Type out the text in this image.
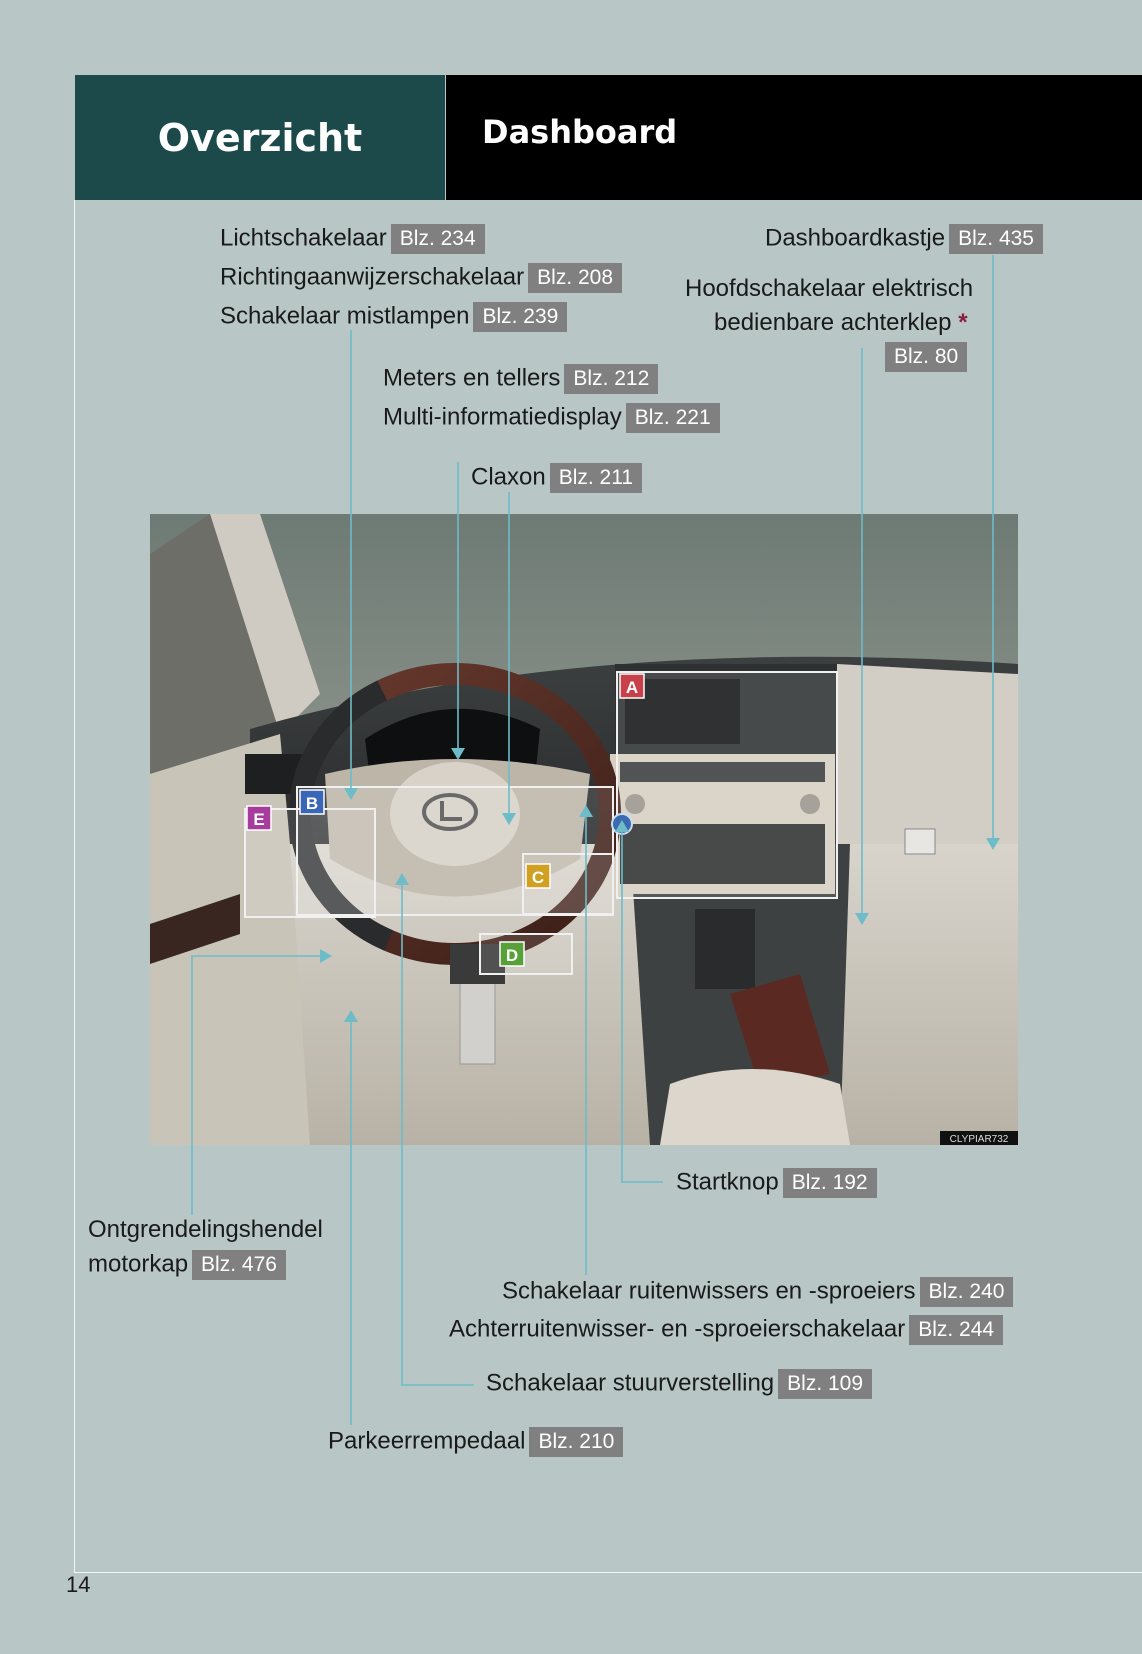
Overzicht	Dashboard
Lichtschakelaar Blz. 234
Richtingaanwijzerschakelaar Blz. 208
Schakelaar mistlampen Blz. 239
Meters en tellers Blz. 212
Multi-informatiedisplay Blz. 221
Claxon Blz. 211
Dashboardkastje Blz. 435
Hoofdschakelaar elektrisch
bedienbare achterklep *
Blz. 80
A
B
C
D
E
CLYPIAR732
Startknop Blz. 192
Ontgrendelingshendel
motorkap Blz. 476
Schakelaar ruitenwissers en -sproeiers Blz. 240
Achterruitenwisser- en -sproeierschakelaar Blz. 244
Schakelaar stuurverstelling Blz. 109
Parkeerrempedaal Blz. 210
14
